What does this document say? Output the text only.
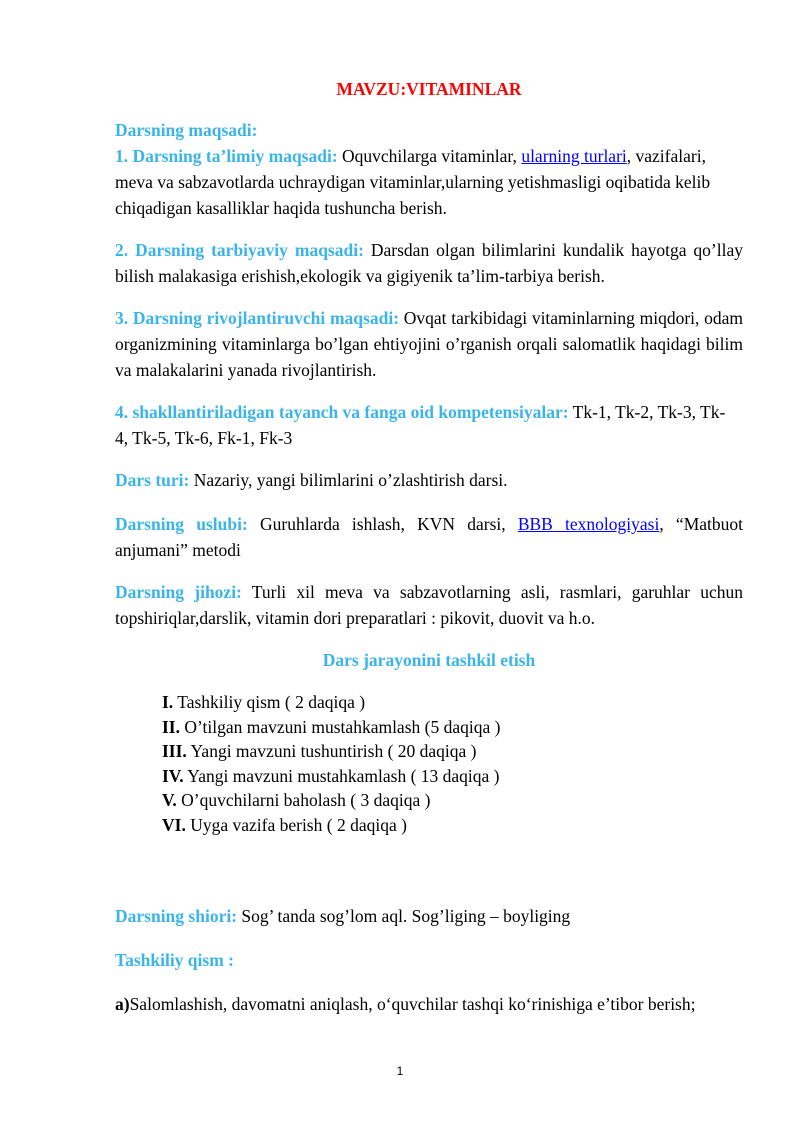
MAVZU:VITAMINLAR

Darsning maqsadi:
1. Darsning ta’limiy maqsadi: Oquvchilarga vitaminlar, ularning turlari, vazifalari, meva va sabzavotlarda uchraydigan vitaminlar,ularning yetishmasligi oqibatida kelib chiqadigan kasalliklar haqida tushuncha berish.

2. Darsning tarbiyaviy maqsadi: Darsdan olgan bilimlarini kundalik hayotga qo’llay bilish malakasiga erishish,ekologik va gigiyenik ta’lim-tarbiya berish.

3. Darsning rivojlantiruvchi maqsadi: Ovqat tarkibidagi vitaminlarning miqdori, odam organizmining vitaminlarga bo’lgan ehtiyojini o’rganish orqali salomatlik haqidagi bilim va malakalarini yanada rivojlantirish.

4. shakllantiriladigan tayanch va fanga oid kompetensiyalar: Tk-1, Tk-2, Tk-3, Tk-4, Tk-5, Tk-6, Fk-1, Fk-3

Dars turi: Nazariy, yangi bilimlarini o’zlashtirish darsi.

Darsning uslubi: Guruhlarda ishlash, KVN darsi, BBB texnologiyasi, “Matbuot anjumani” metodi

Darsning jihozi: Turli xil meva va sabzavotlarning asli, rasmlari, garuhlar uchun topshiriqlar,darslik, vitamin dori preparatlari : pikovit, duovit va h.o.

Dars jarayonini tashkil etish
I. Tashkiliy qism ( 2 daqiqa )
II. O’tilgan mavzuni mustahkamlash (5 daqiqa )
III. Yangi mavzuni tushuntirish ( 20 daqiqa )
IV. Yangi mavzuni mustahkamlash ( 13 daqiqa )
V. O’quvchilarni baholash ( 3 daqiqa )
VI. Uyga vazifa berish ( 2 daqiqa )

Darsning shiori: Sog’ tanda sog’lom aql. Sog’liging – boyliging

Tashkiliy qism :

a)Salomlashish, davomatni aniqlash, oʻquvchilar tashqi koʻrinishiga e’tibor berish;

1
